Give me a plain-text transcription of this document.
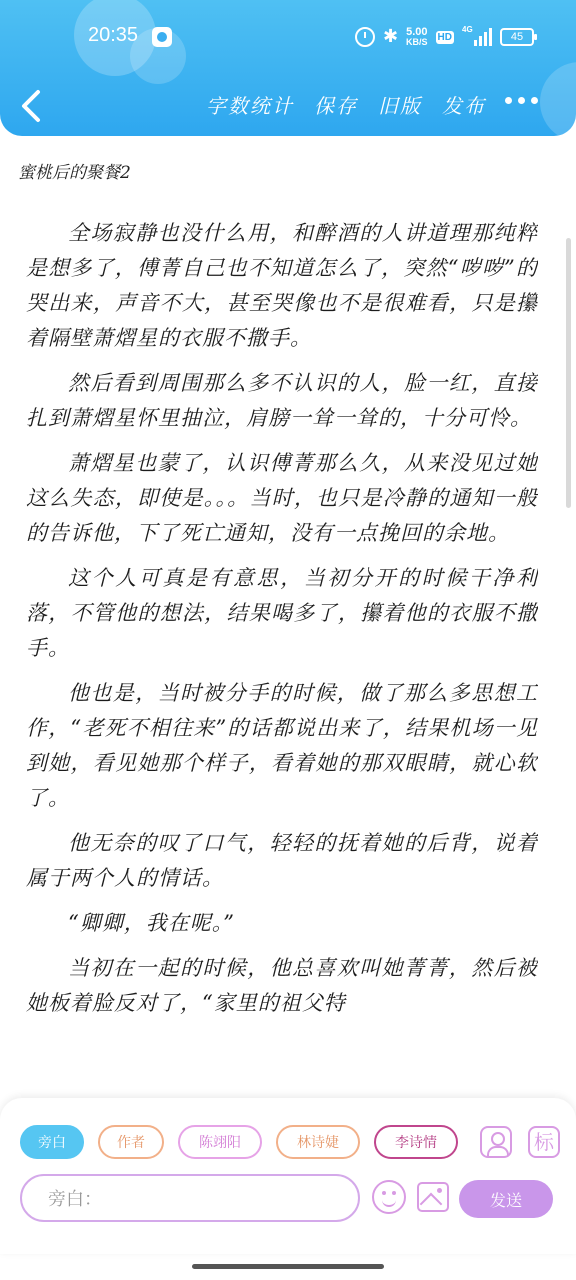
20:35	✱ 5.00
KB/S HD
4G
45
字数统计 保存 旧版 发布
蜜桃后的聚餐2

全场寂静也没什么用，和醉酒的人讲道理那纯粹是想多了，傅菁自己也不知道怎么了，突然“哕哕”的哭出来，声音不大，甚至哭像也不是很难看，只是攥着隔壁萧熠星的衣服不撒手。

然后看到周围那么多不认识的人，脸一红，直接扎到萧熠星怀里抽泣，肩膀一耸一耸的，十分可怜。

萧熠星也蒙了，认识傅菁那么久，从来没见过她这么失态，即使是。。。当时，也只是冷静的通知一般的告诉他，下了死亡通知，没有一点挽回的余地。

这个人可真是有意思，当初分开的时候干净利落，不管他的想法，结果喝多了，攥着他的衣服不撒手。

他也是，当时被分手的时候，做了那么多思想工作，“老死不相往来”的话都说出来了，结果机场一见到她，看见她那个样子，看着她的那双眼睛，就心软了。

他无奈的叹了口气，轻轻的抚着她的后背，说着属于两个人的情话。

“卿卿，我在呢。”

当初在一起的时候，他总喜欢叫她菁菁，然后被她板着脸反对了，“家里的祖父特

旁白	作者	陈翊阳	林诗婕	李诗情	标
旁白：	发送
